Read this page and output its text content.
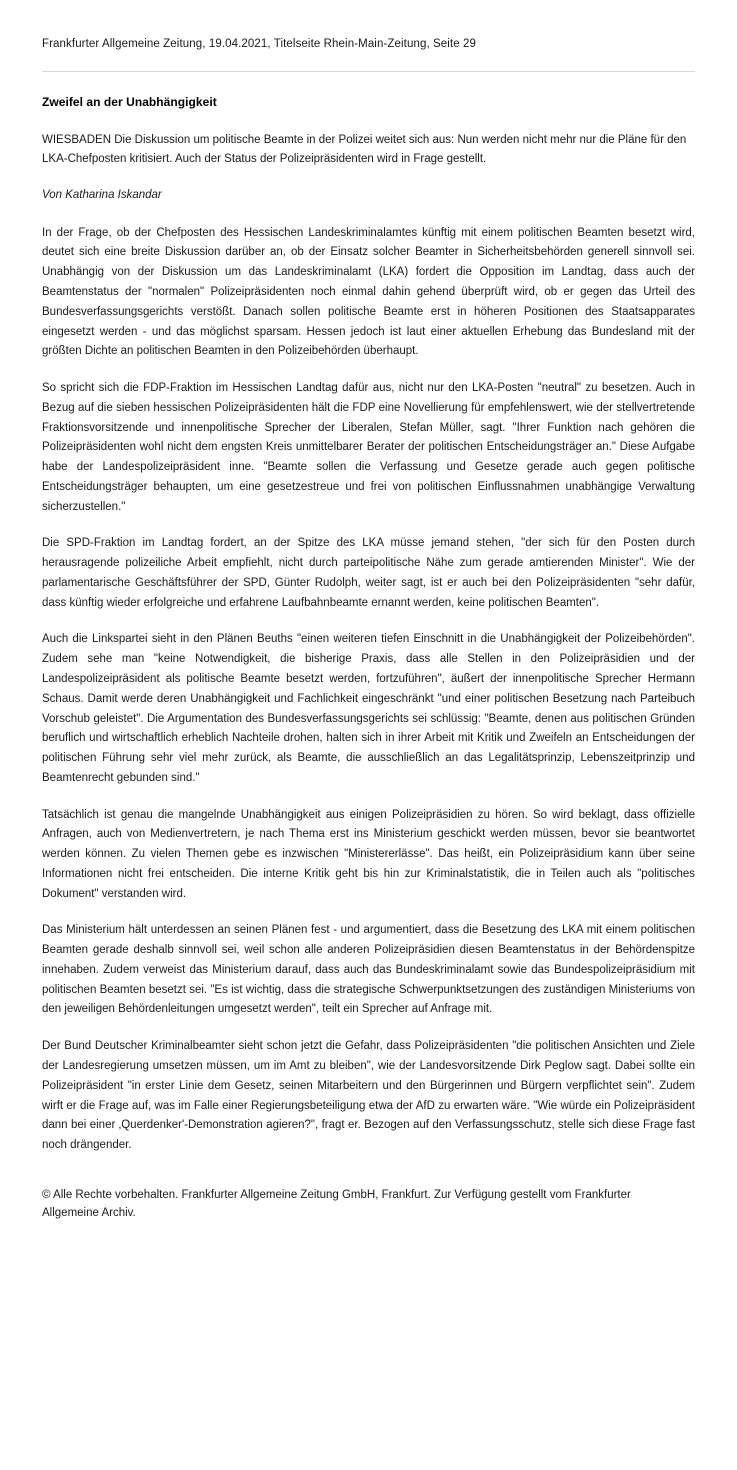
Frankfurter Allgemeine Zeitung, 19.04.2021, Titelseite Rhein-Main-Zeitung, Seite 29

Zweifel an der Unabhängigkeit

WIESBADEN Die Diskussion um politische Beamte in der Polizei weitet sich aus: Nun werden nicht mehr nur die Pläne für den LKA-Chefposten kritisiert. Auch der Status der Polizeipräsidenten wird in Frage gestellt.

Von Katharina Iskandar

In der Frage, ob der Chefposten des Hessischen Landeskriminalamtes künftig mit einem politischen Beamten besetzt wird, deutet sich eine breite Diskussion darüber an, ob der Einsatz solcher Beamter in Sicherheitsbehörden generell sinnvoll sei. Unabhängig von der Diskussion um das Landeskriminalamt (LKA) fordert die Opposition im Landtag, dass auch der Beamtenstatus der "normalen" Polizeipräsidenten noch einmal dahin gehend überprüft wird, ob er gegen das Urteil des Bundesverfassungsgerichts verstößt. Danach sollen politische Beamte erst in höheren Positionen des Staatsapparates eingesetzt werden - und das möglichst sparsam. Hessen jedoch ist laut einer aktuellen Erhebung das Bundesland mit der größten Dichte an politischen Beamten in den Polizeibehörden überhaupt.

So spricht sich die FDP-Fraktion im Hessischen Landtag dafür aus, nicht nur den LKA-Posten "neutral" zu besetzen. Auch in Bezug auf die sieben hessischen Polizeipräsidenten hält die FDP eine Novellierung für empfehlenswert, wie der stellvertretende Fraktionsvorsitzende und innenpolitische Sprecher der Liberalen, Stefan Müller, sagt. "Ihrer Funktion nach gehören die Polizeipräsidenten wohl nicht dem engsten Kreis unmittelbarer Berater der politischen Entscheidungsträger an." Diese Aufgabe habe der Landespolizeipräsident inne. "Beamte sollen die Verfassung und Gesetze gerade auch gegen politische Entscheidungsträger behaupten, um eine gesetzestreue und frei von politischen Einflussnahmen unabhängige Verwaltung sicherzustellen."

Die SPD-Fraktion im Landtag fordert, an der Spitze des LKA müsse jemand stehen, "der sich für den Posten durch herausragende polizeiliche Arbeit empfiehlt, nicht durch parteipolitische Nähe zum gerade amtierenden Minister". Wie der parlamentarische Geschäftsführer der SPD, Günter Rudolph, weiter sagt, ist er auch bei den Polizeipräsidenten "sehr dafür, dass künftig wieder erfolgreiche und erfahrene Laufbahnbeamte ernannt werden, keine politischen Beamten".

Auch die Linkspartei sieht in den Plänen Beuths "einen weiteren tiefen Einschnitt in die Unabhängigkeit der Polizeibehörden". Zudem sehe man "keine Notwendigkeit, die bisherige Praxis, dass alle Stellen in den Polizeipräsidien und der Landespolizeipräsident als politische Beamte besetzt werden, fortzuführen", äußert der innenpolitische Sprecher Hermann Schaus. Damit werde deren Unabhängigkeit und Fachlichkeit eingeschränkt "und einer politischen Besetzung nach Parteibuch Vorschub geleistet". Die Argumentation des Bundesverfassungsgerichts sei schlüssig: "Beamte, denen aus politischen Gründen beruflich und wirtschaftlich erheblich Nachteile drohen, halten sich in ihrer Arbeit mit Kritik und Zweifeln an Entscheidungen der politischen Führung sehr viel mehr zurück, als Beamte, die ausschließlich an das Legalitätsprinzip, Lebenszeitprinzip und Beamtenrecht gebunden sind."

Tatsächlich ist genau die mangelnde Unabhängigkeit aus einigen Polizeipräsidien zu hören. So wird beklagt, dass offizielle Anfragen, auch von Medienvertretern, je nach Thema erst ins Ministerium geschickt werden müssen, bevor sie beantwortet werden können. Zu vielen Themen gebe es inzwischen "Ministererlässe". Das heißt, ein Polizeipräsidium kann über seine Informationen nicht frei entscheiden. Die interne Kritik geht bis hin zur Kriminalstatistik, die in Teilen auch als "politisches Dokument" verstanden wird.

Das Ministerium hält unterdessen an seinen Plänen fest - und argumentiert, dass die Besetzung des LKA mit einem politischen Beamten gerade deshalb sinnvoll sei, weil schon alle anderen Polizeipräsidien diesen Beamtenstatus in der Behördenspitze innehaben. Zudem verweist das Ministerium darauf, dass auch das Bundeskriminalamt sowie das Bundespolizeipräsidium mit politischen Beamten besetzt sei. "Es ist wichtig, dass die strategische Schwerpunktsetzungen des zuständigen Ministeriums von den jeweiligen Behördenleitungen umgesetzt werden", teilt ein Sprecher auf Anfrage mit.

Der Bund Deutscher Kriminalbeamter sieht schon jetzt die Gefahr, dass Polizeipräsidenten "die politischen Ansichten und Ziele der Landesregierung umsetzen müssen, um im Amt zu bleiben", wie der Landesvorsitzende Dirk Peglow sagt. Dabei sollte ein Polizeipräsident "in erster Linie dem Gesetz, seinen Mitarbeitern und den Bürgerinnen und Bürgern verpflichtet sein". Zudem wirft er die Frage auf, was im Falle einer Regierungsbeteiligung etwa der AfD zu erwarten wäre. "Wie würde ein Polizeipräsident dann bei einer ‚Querdenker'-Demonstration agieren?", fragt er. Bezogen auf den Verfassungsschutz, stelle sich diese Frage fast noch drängender.

© Alle Rechte vorbehalten. Frankfurter Allgemeine Zeitung GmbH, Frankfurt. Zur Verfügung gestellt vom Frankfurter Allgemeine Archiv.
